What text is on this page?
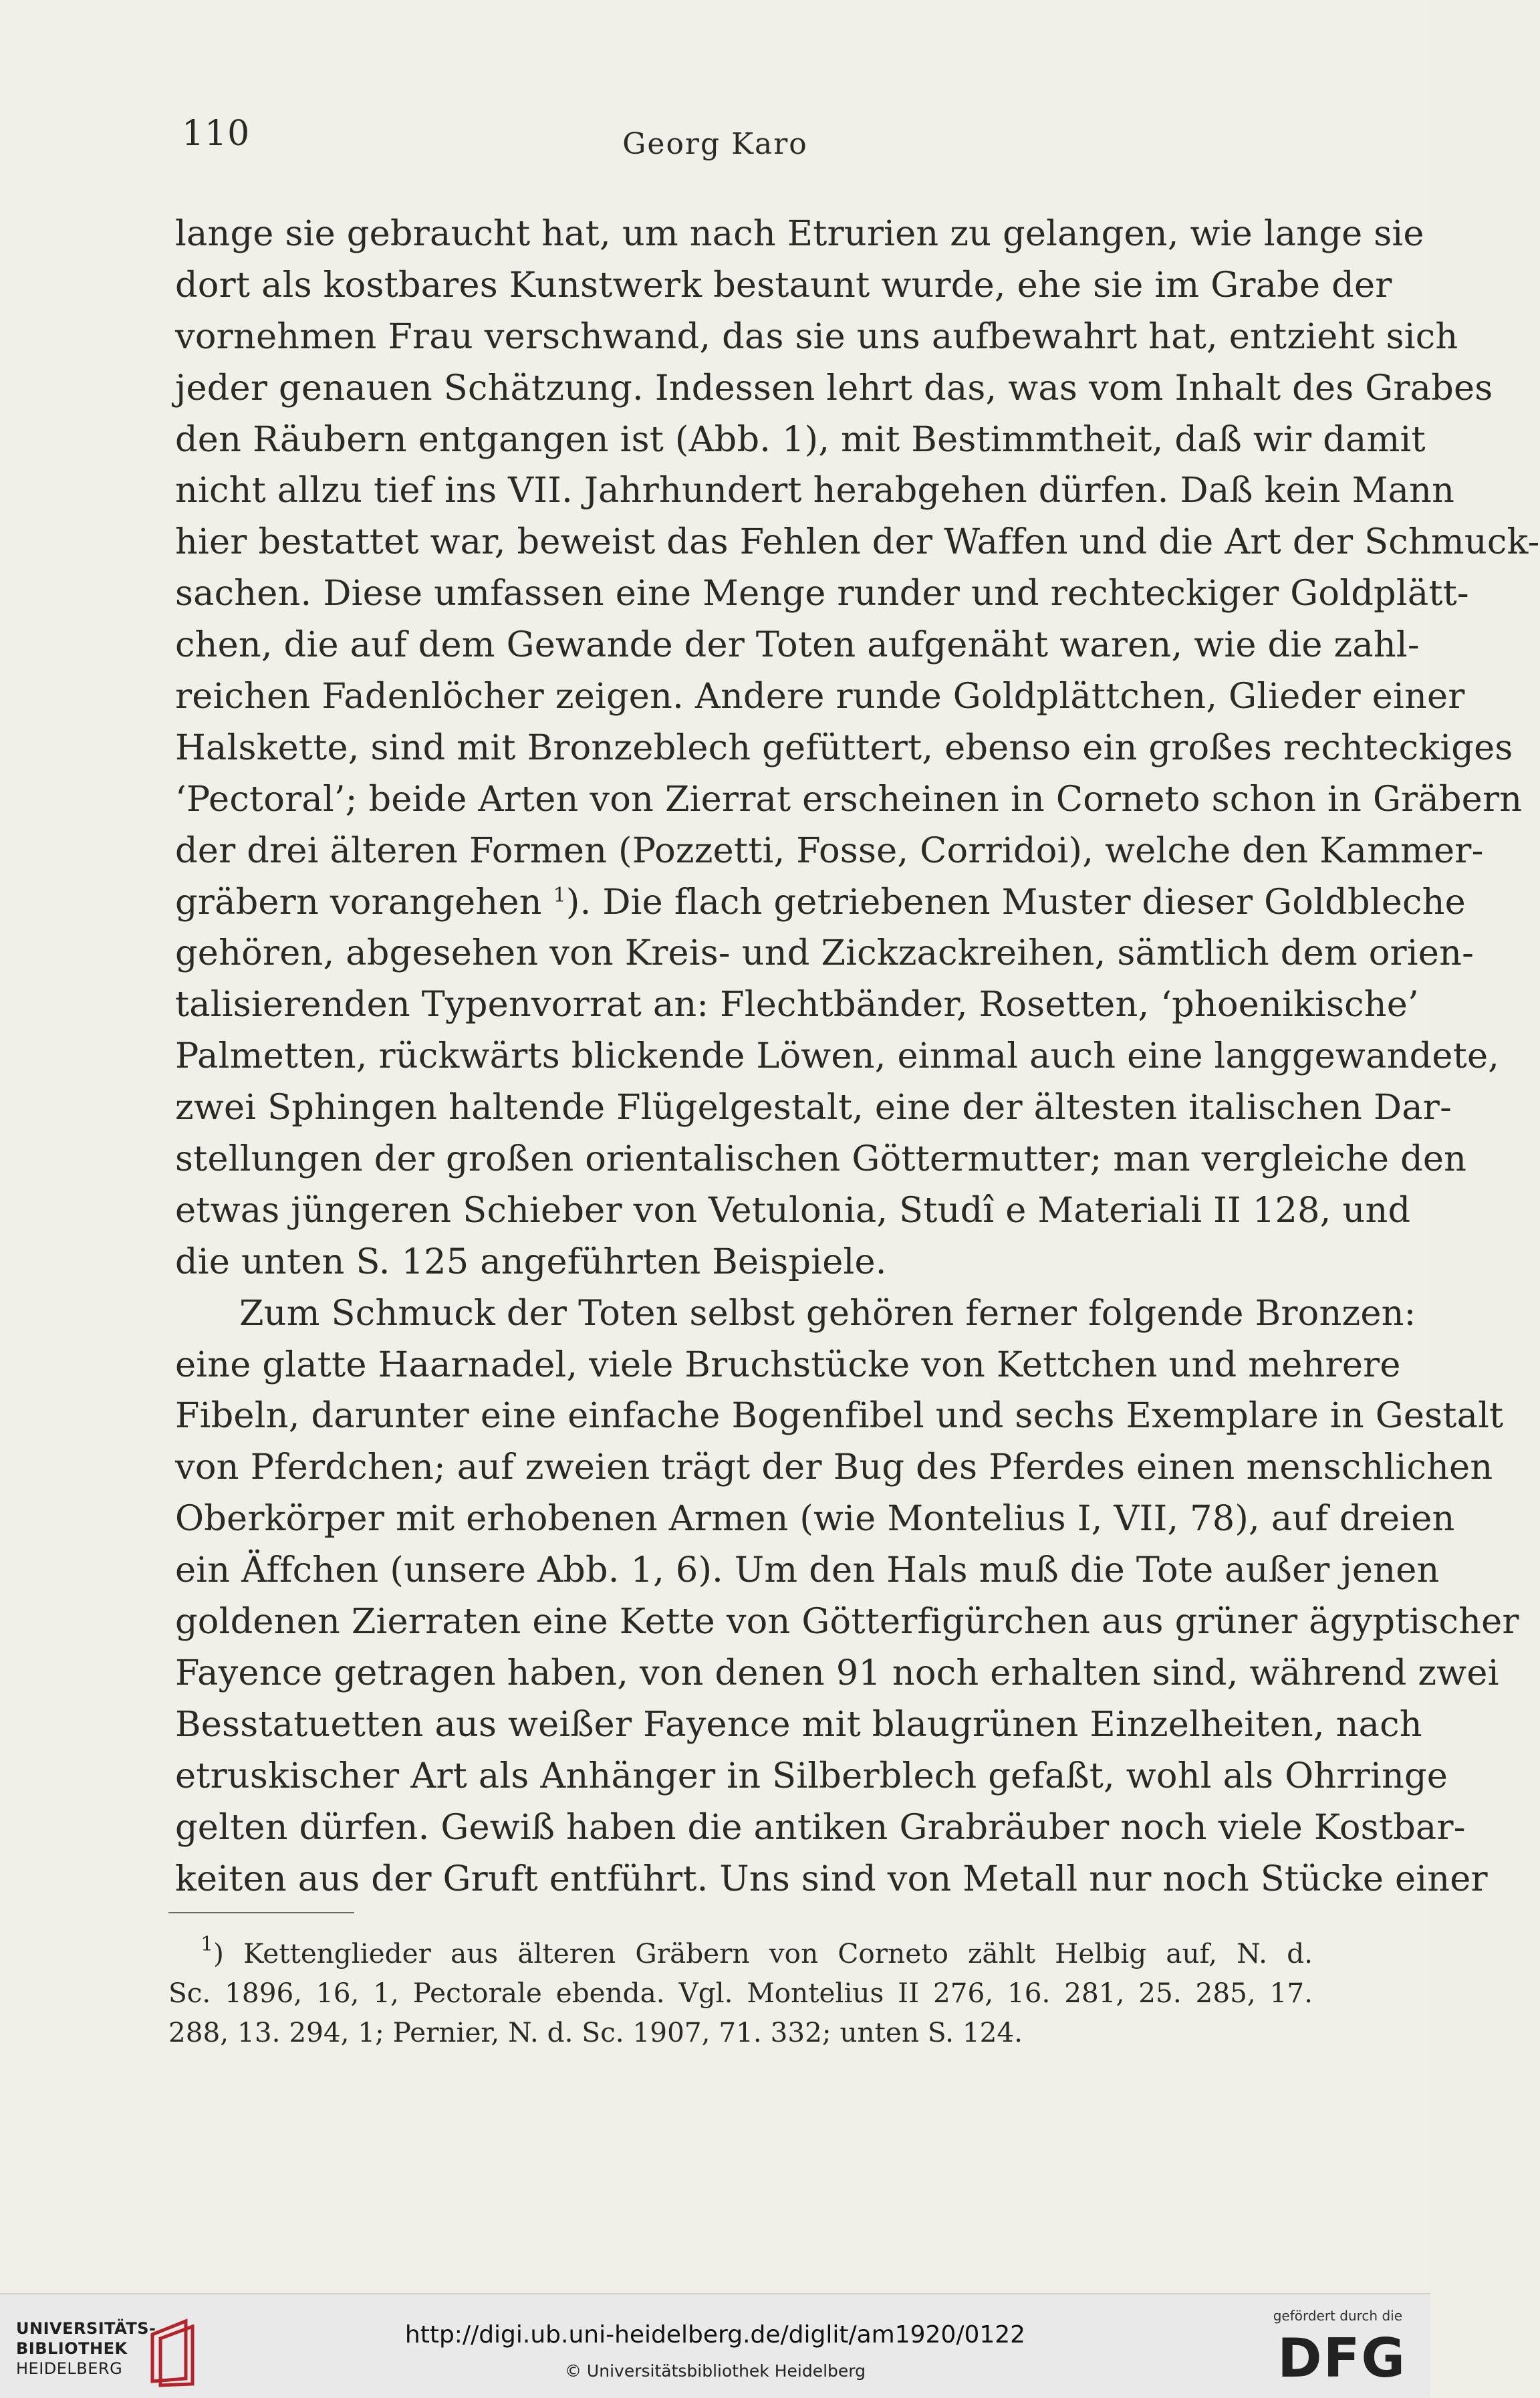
110	Georg Karo
lange sie gebraucht hat, um nach Etrurien zu gelangen, wie lange sie
dort als kostbares Kunstwerk bestaunt wurde, ehe sie im Grabe der
vornehmen Frau verschwand, das sie uns aufbewahrt hat, entzieht sich
jeder genauen Schätzung. Indessen lehrt das, was vom Inhalt des Grabes
den Räubern entgangen ist (Abb. 1), mit Bestimmtheit, daß wir damit
nicht allzu tief ins VII. Jahrhundert herabgehen dürfen. Daß kein Mann
hier bestattet war, beweist das Fehlen der Waffen und die Art der Schmuck-
sachen. Diese umfassen eine Menge runder und rechteckiger Goldplätt-
chen, die auf dem Gewande der Toten aufgenäht waren, wie die zahl-
reichen Fadenlöcher zeigen. Andere runde Goldplättchen, Glieder einer
Halskette, sind mit Bronzeblech gefüttert, ebenso ein großes rechteckiges
‘Pectoral’; beide Arten von Zierrat erscheinen in Corneto schon in Gräbern
der drei älteren Formen (Pozzetti, Fosse, Corridoi), welche den Kammer-
gräbern vorangehen $^1$). Die flach getriebenen Muster dieser Goldbleche
gehören, abgesehen von Kreis- und Zickzackreihen, sämtlich dem orien-
talisierenden Typenvorrat an: Flechtbänder, Rosetten, ‘phoenikische’
Palmetten, rückwärts blickende Löwen, einmal auch eine langgewandete,
zwei Sphingen haltende Flügelgestalt, eine der ältesten italischen Dar-
stellungen der großen orientalischen Göttermutter; man vergleiche den
etwas jüngeren Schieber von Vetulonia, Studî e Materiali II 128, und
die unten S. 125 angeführten Beispiele.
Zum Schmuck der Toten selbst gehören ferner folgende Bronzen:
eine glatte Haarnadel, viele Bruchstücke von Kettchen und mehrere
Fibeln, darunter eine einfache Bogenfibel und sechs Exemplare in Gestalt
von Pferdchen; auf zweien trägt der Bug des Pferdes einen menschlichen
Oberkörper mit erhobenen Armen (wie Montelius I, VII, 78), auf dreien
ein Äffchen (unsere Abb. 1, 6). Um den Hals muß die Tote außer jenen
goldenen Zierraten eine Kette von Götterfigürchen aus grüner ägyptischer
Fayence getragen haben, von denen 91 noch erhalten sind, während zwei
Besstatuetten aus weißer Fayence mit blaugrünen Einzelheiten, nach
etruskischer Art als Anhänger in Silberblech gefaßt, wohl als Ohrringe
gelten dürfen. Gewiß haben die antiken Grabräuber noch viele Kostbar-
keiten aus der Gruft entführt. Uns sind von Metall nur noch Stücke einer
$^1$) Kettenglieder aus älteren Gräbern von Corneto zählt Helbig auf, N. d.
Sc. 1896, 16, 1, Pectorale ebenda. Vgl. Montelius II 276, 16. 281, 25. 285, 17.
288, 13. 294, 1; Pernier, N. d. Sc. 1907, 71. 332; unten S. 124.
UNIVERSITÄTS-
BIBLIOTHEK
HEIDELBERG
http://digi.ub.uni-heidelberg.de/diglit/am1920/0122
© Universitätsbibliothek Heidelberg
gefördert durch die
DFG
